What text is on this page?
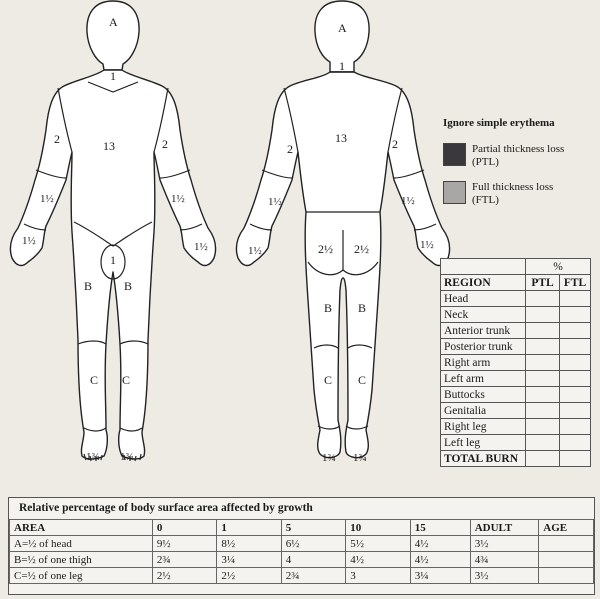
A
1
13
2	2
1½	1½
1½	1½
1
B	B
C C
1¾ 1¾
A
1
13
2	2
1½	1½
1½	1½
2½ 2½
B B
C C
1¾ 1¾
Ignore simple erythema
Partial thickness loss
(PTL)
Full thickness loss
(FTL)
	%	
REGION	PTL	FTL
Head		
Neck		
Anterior trunk		
Posterior trunk		
Right arm		
Left arm		
Buttocks		
Genitalia		
Right leg		
Left leg		
TOTAL BURN		
Relative percentage of body surface area affected by growth
AREA	0	1	5	10	15	ADULT	AGE
A=½ of head	9½	8½	6½	5½	4½	3½	
B=½ of one thigh	2¾	3¼	4	4½	4½	4¾	
C=½ of one leg	2½	2½	2¾	3	3¼	3½	
